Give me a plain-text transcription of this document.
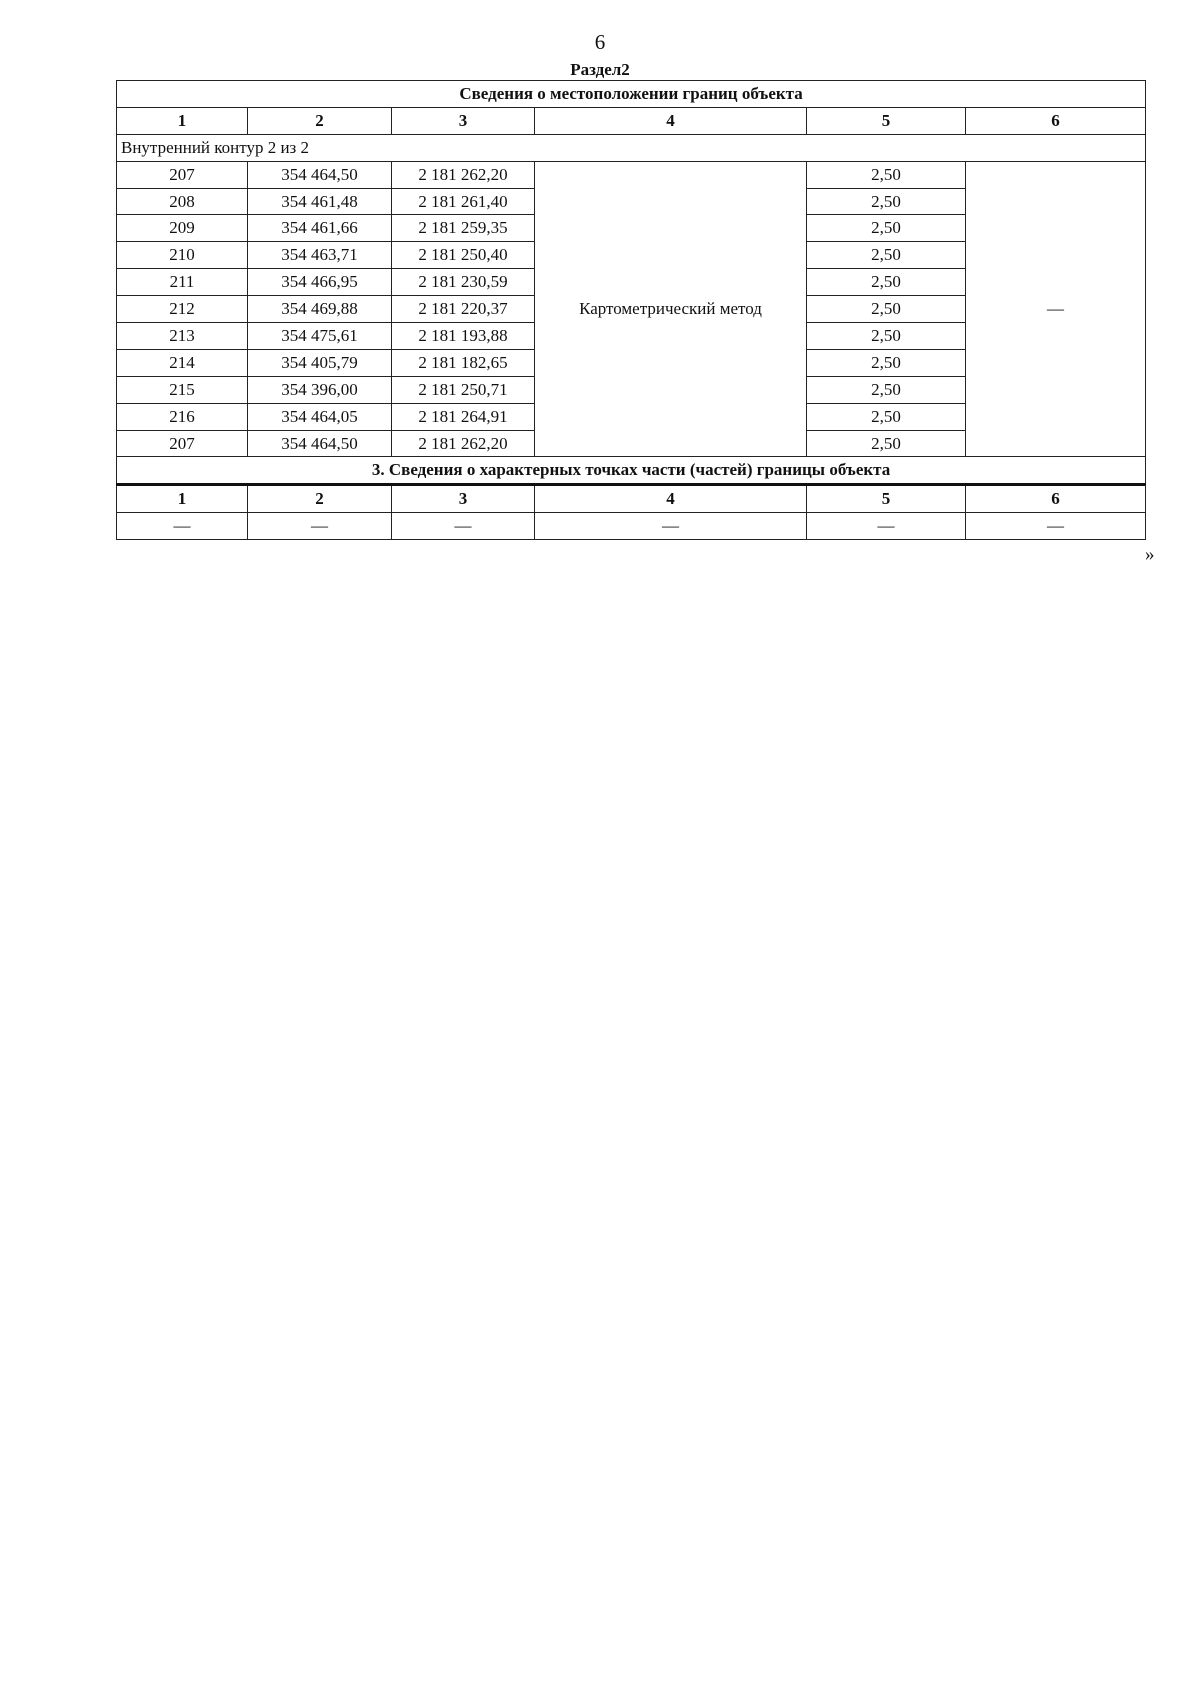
6
Раздел2
Сведения о местоположении границ объекта					
1	2	3	4	5	6
Внутренний контур 2 из 2					
207	354 464,50	2 181 262,20	Картометрический метод	2,50	—
208	354 461,48	2 181 261,40		2,50	
209	354 461,66	2 181 259,35		2,50	
210	354 463,71	2 181 250,40		2,50	
211	354 466,95	2 181 230,59		2,50	
212	354 469,88	2 181 220,37		2,50	
213	354 475,61	2 181 193,88		2,50	
214	354 405,79	2 181 182,65		2,50	
215	354 396,00	2 181 250,71		2,50	
216	354 464,05	2 181 264,91		2,50	
207	354 464,50	2 181 262,20		2,50	
3. Сведения о характерных точках части (частей) границы объекта					
1	2	3	4	5	6
—	—	—	—	—	—
»
